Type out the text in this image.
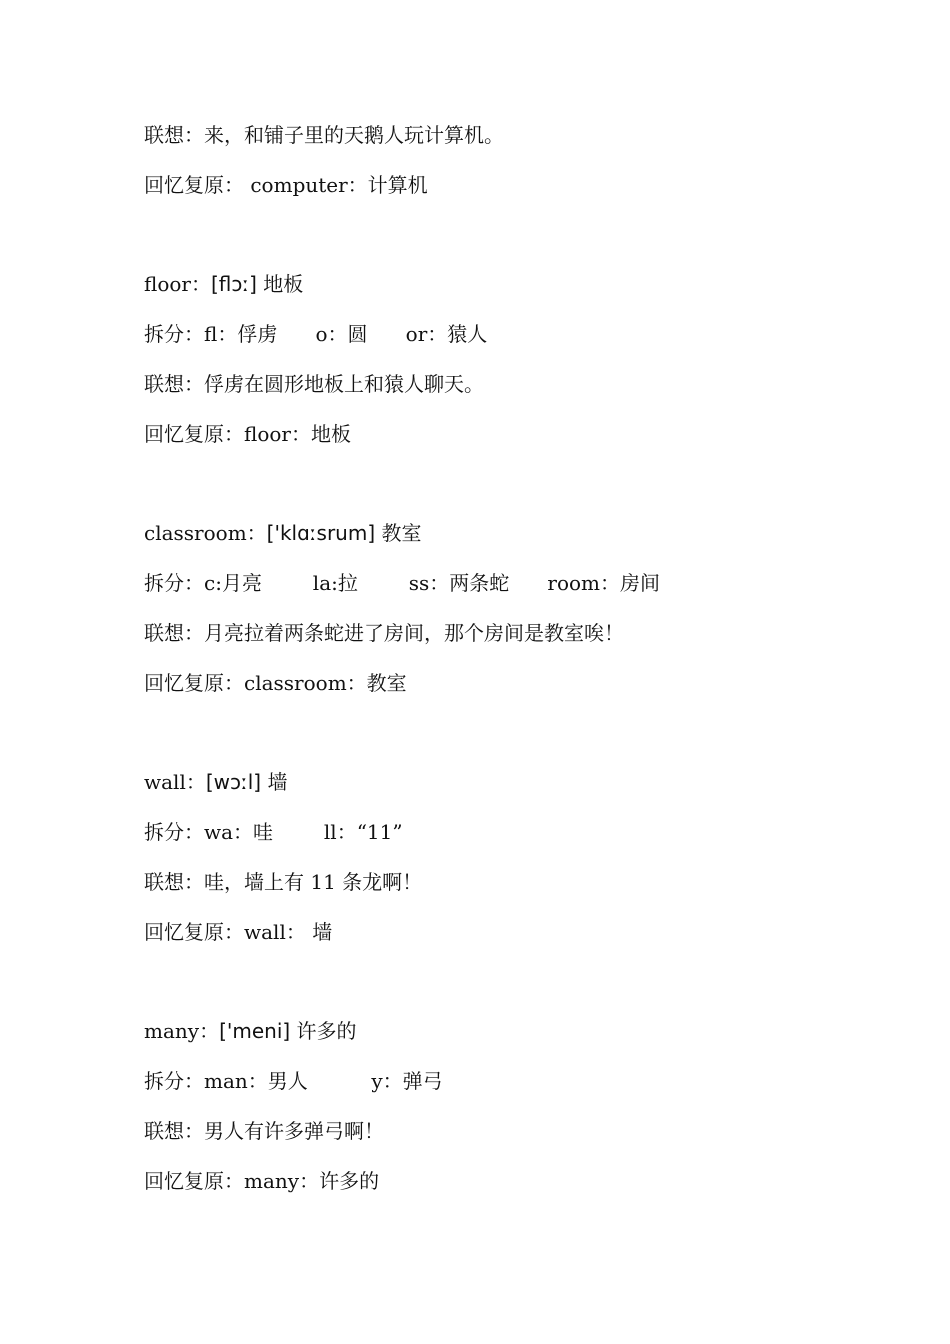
联想：来，和铺子里的天鹅人玩计算机。
回忆复原： computer：计算机
floor：[flɔː] 地板
拆分：fl：俘虏      o：圆      or：猿人
联想：俘虏在圆形地板上和猿人聊天。
回忆复原：floor：地板
classroom：['klɑːsrum] 教室
拆分：c:月亮        la:拉        ss：两条蛇      room：房间
联想：月亮拉着两条蛇进了房间，那个房间是教室唉！
回忆复原：classroom：教室
wall：[wɔːl] 墙
拆分：wa：哇        ll：“11”
联想：哇，墙上有 11 条龙啊！
回忆复原：wall： 墙
many：['meni] 许多的
拆分：man：男人          y：弹弓
联想：男人有许多弹弓啊！
回忆复原：many：许多的
